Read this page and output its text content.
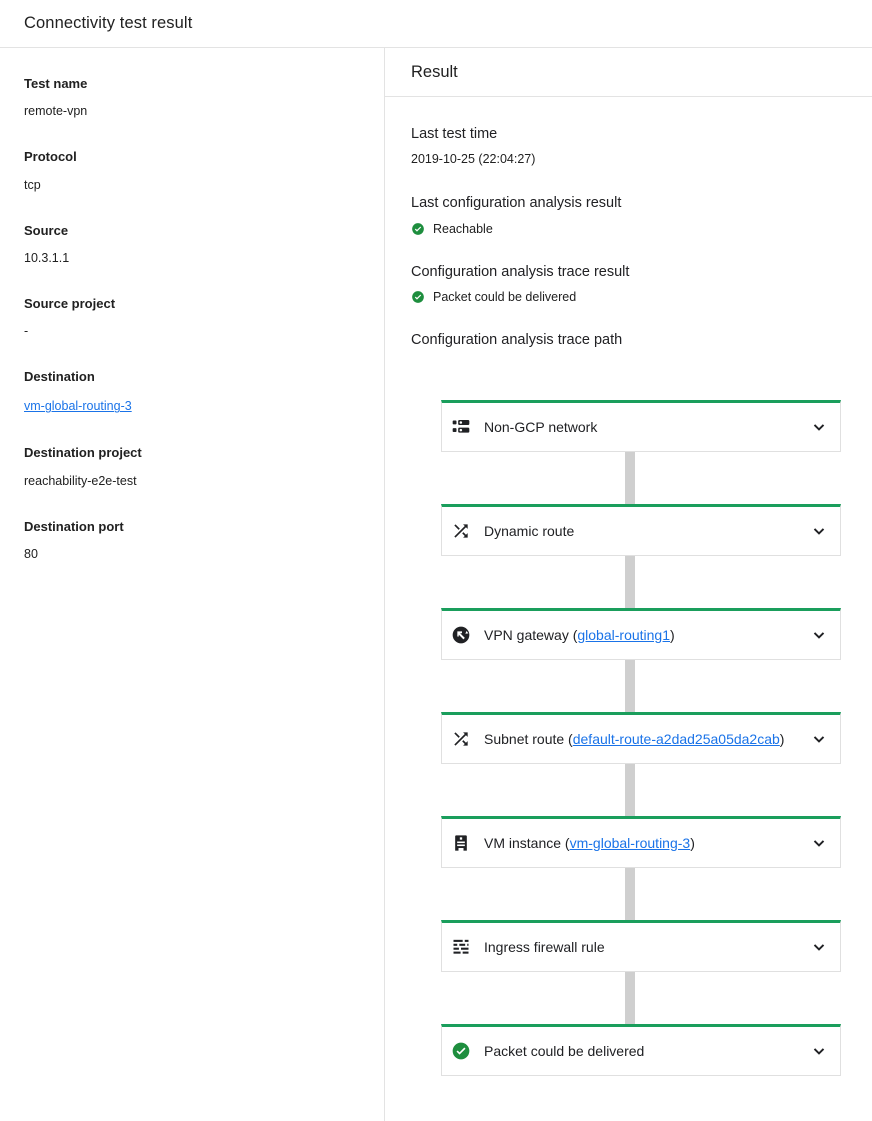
Connectivity test result
Test name
remote-vpn
Protocol
tcp
Source
10.3.1.1
Source project
-
Destination
vm-global-routing-3
Destination project
reachability-e2e-test
Destination port
80
Result
Last test time
2019-10-25 (22:04:27)
Last configuration analysis result
Reachable
Configuration analysis trace result
Packet could be delivered
Configuration analysis trace path
Non-GCP network
Dynamic route
VPN gateway ( global-routing1 )
Subnet route ( default-route-a2dad25a05da2cab )
VM instance ( vm-global-routing-3 )
Ingress firewall rule
Packet could be delivered
